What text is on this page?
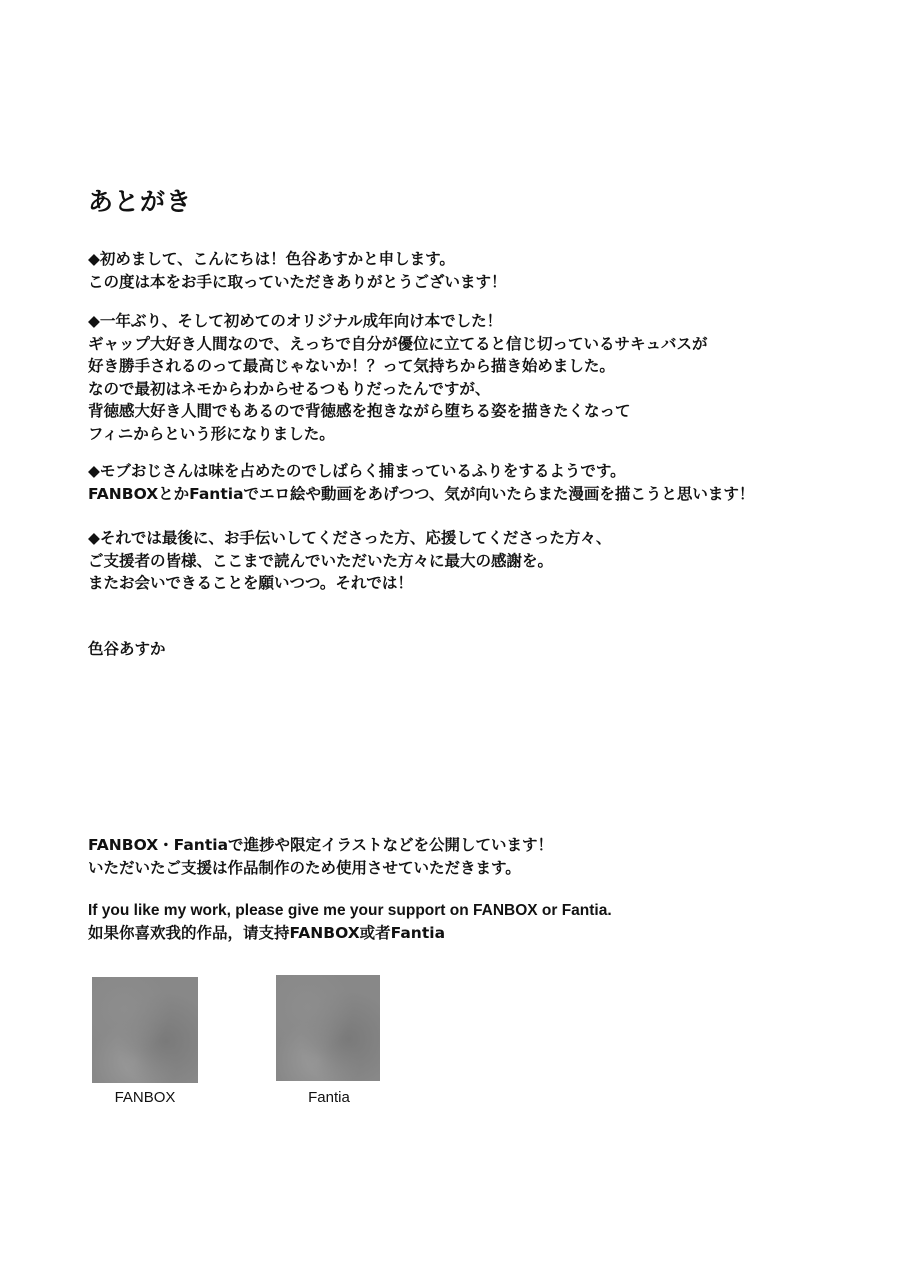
あとがき
◆初めまして、こんにちは！色谷あすかと申します。
この度は本をお手に取っていただきありがとうございます！
◆一年ぶり、そして初めてのオリジナル成年向け本でした！
ギャップ大好き人間なので、えっちで自分が優位に立てると信じ切っているサキュバスが
好き勝手されるのって最高じゃないか！？って気持ちから描き始めました。
なので最初はネモからわからせるつもりだったんですが、
背徳感大好き人間でもあるので背徳感を抱きながら堕ちる姿を描きたくなって
フィニからという形になりました。
◆モブおじさんは味を占めたのでしばらく捕まっているふりをするようです。
FANBOXとかFantiaでエロ絵や動画をあげつつ、気が向いたらまた漫画を描こうと思います！
◆それでは最後に、お手伝いしてくださった方、応援してくださった方々、
ご支援者の皆様、ここまで読んでいただいた方々に最大の感謝を。
またお会いできることを願いつつ。それでは！
色谷あすか
FANBOX・Fantiaで進捗や限定イラストなどを公開しています！
いただいたご支援は作品制作のため使用させていただきます。
If you like my work, please give me your support on FANBOX or Fantia.
如果你喜欢我的作品，请支持FANBOX或者Fantia
FANBOX	Fantia
